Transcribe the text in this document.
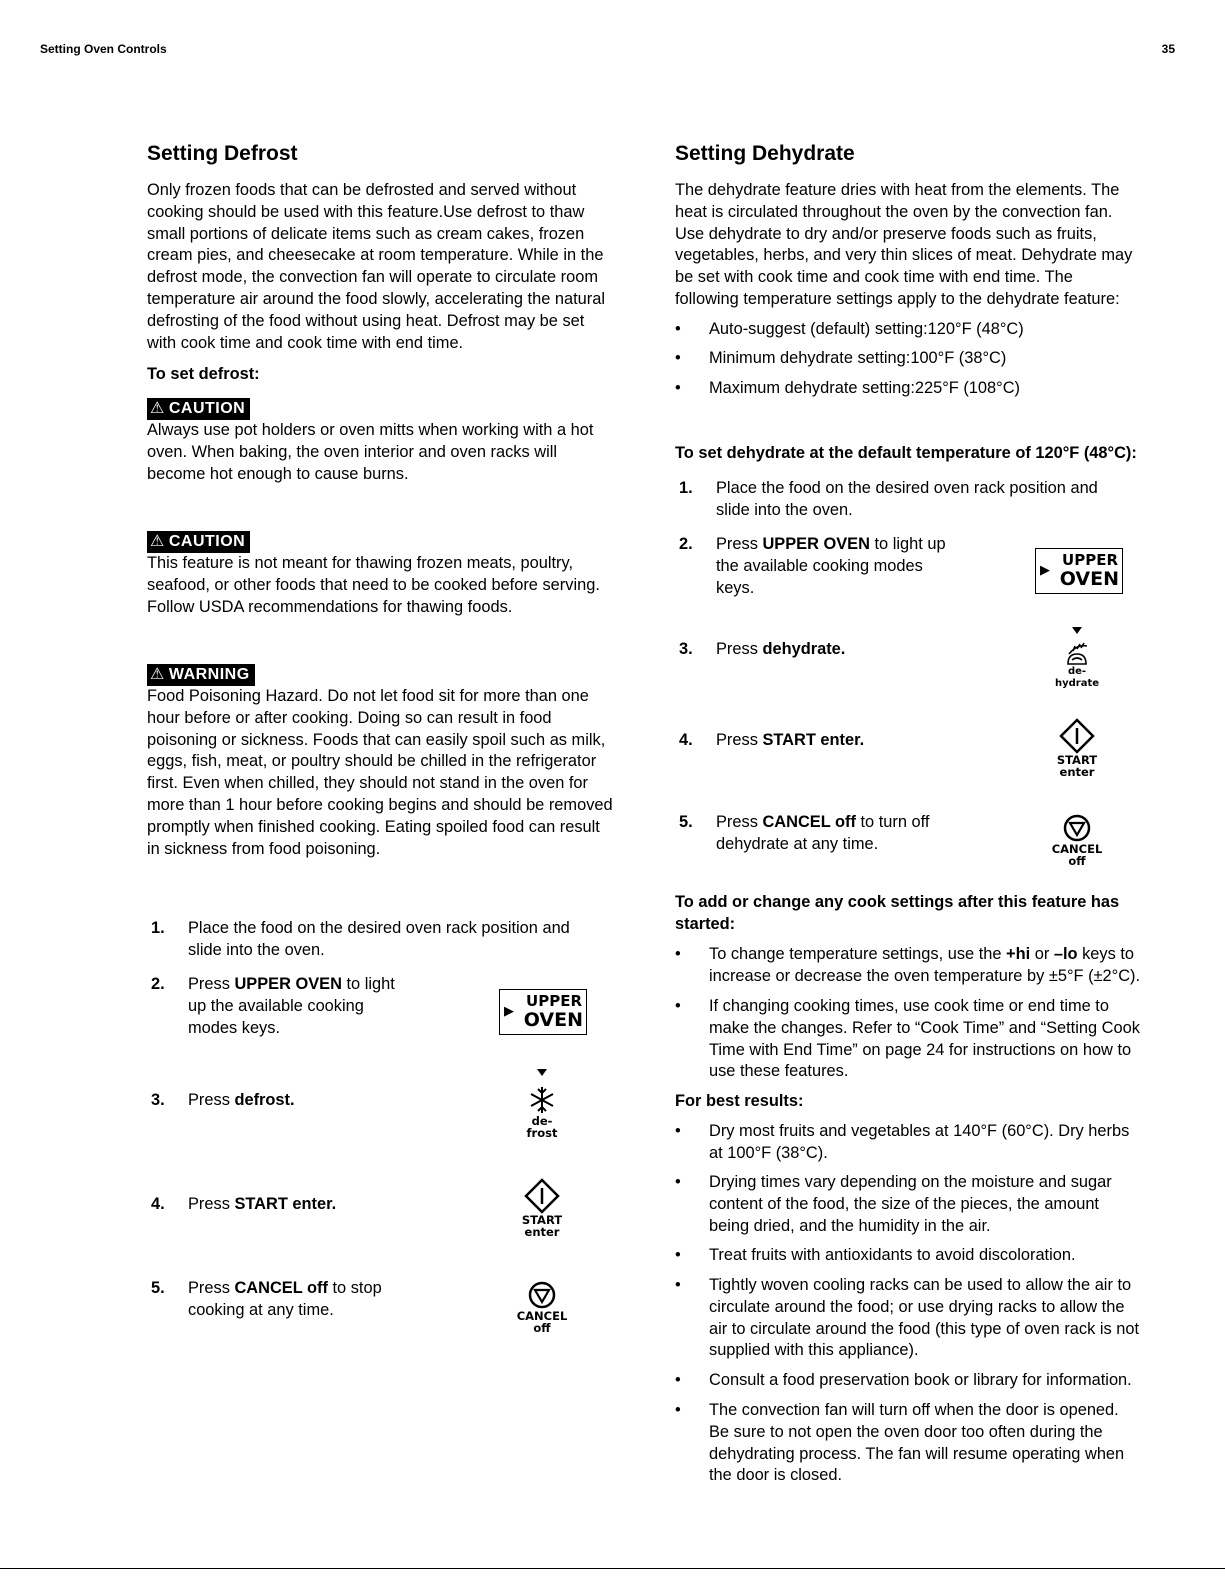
Setting Oven Controls	35
Setting Defrost

Only frozen foods that can be defrosted and served without

cooking should be used with this feature.Use defrost to thaw

small portions of delicate items such as cream cakes, frozen

cream pies, and cheesecake at room temperature. While in the

defrost mode, the convection fan will operate to circulate room

temperature air around the food slowly, accelerating the natural

defrosting of the food without using heat. Defrost may be set

with cook time and cook time with end time.

To set defrost:
⚠ CAUTION

Always use pot holders or oven mitts when working with a hot

oven. When baking, the oven interior and oven racks will

become hot enough to cause burns.

⚠ CAUTION

This feature is not meant for thawing frozen meats, poultry,

seafood, or other foods that need to be cooked before serving.

Follow USDA recommendations for thawing foods.

⚠ WARNING

Food Poisoning Hazard. Do not let food sit for more than one

hour before or after cooking. Doing so can result in food

poisoning or sickness. Foods that can easily spoil such as milk,

eggs, fish, meat, or poultry should be chilled in the refrigerator

first. Even when chilled, they should not stand in the oven for

more than 1 hour before cooking begins and should be removed

promptly when finished cooking. Eating spoiled food can result

in sickness from food poisoning.

1.	Place the food on the desired oven rack position and
slide into the oven.
2.	Press UPPER OVEN to light
up the available cooking
modes keys.
3.	Press defrost.
4.	Press START enter.
5.	Press CANCEL off to stop
cooking at any time.
▶
UPPER
OVEN
de-
frost
START
enter
CANCEL
off
Setting Dehydrate

The dehydrate feature dries with heat from the elements. The

heat is circulated throughout the oven by the convection fan.

Use dehydrate to dry and/or preserve foods such as fruits,

vegetables, herbs, and very thin slices of meat. Dehydrate may

be set with cook time and cook time with end time. The

following temperature settings apply to the dehydrate feature:

• Auto-suggest (default) setting:120°F (48°C)
• Minimum dehydrate setting:100°F (38°C)
• Maximum dehydrate setting:225°F (108°C)
To set dehydrate at the default temperature of 120°F (48°C):
1.	Place the food on the desired oven rack position and
slide into the oven.
2.	Press UPPER OVEN to light up
the available cooking modes
keys.
3.	Press dehydrate.
4.	Press START enter.
5.	Press CANCEL off to turn off
dehydrate at any time.
▶
UPPER
OVEN
de-
hydrate
START
enter
CANCEL
off
To add or change any cook settings after this feature has
started:
• To change temperature settings, use the +hi or –lo keys to
increase or decrease the oven temperature by ±5°F (±2°C).
• If changing cooking times, use cook time or end time to
make the changes. Refer to “Cook Time” and “Setting Cook
Time with End Time” on page 24 for instructions on how to
use these features.
For best results:
• Dry most fruits and vegetables at 140°F (60°C). Dry herbs
at 100°F (38°C).
• Drying times vary depending on the moisture and sugar
content of the food, the size of the pieces, the amount
being dried, and the humidity in the air.
• Treat fruits with antioxidants to avoid discoloration.
• Tightly woven cooling racks can be used to allow the air to
circulate around the food; or use drying racks to allow the
air to circulate around the food (this type of oven rack is not
supplied with this appliance).
• Consult a food preservation book or library for information.
• The convection fan will turn off when the door is opened.
Be sure to not open the oven door too often during the
dehydrating process. The fan will resume operating when
the door is closed.
